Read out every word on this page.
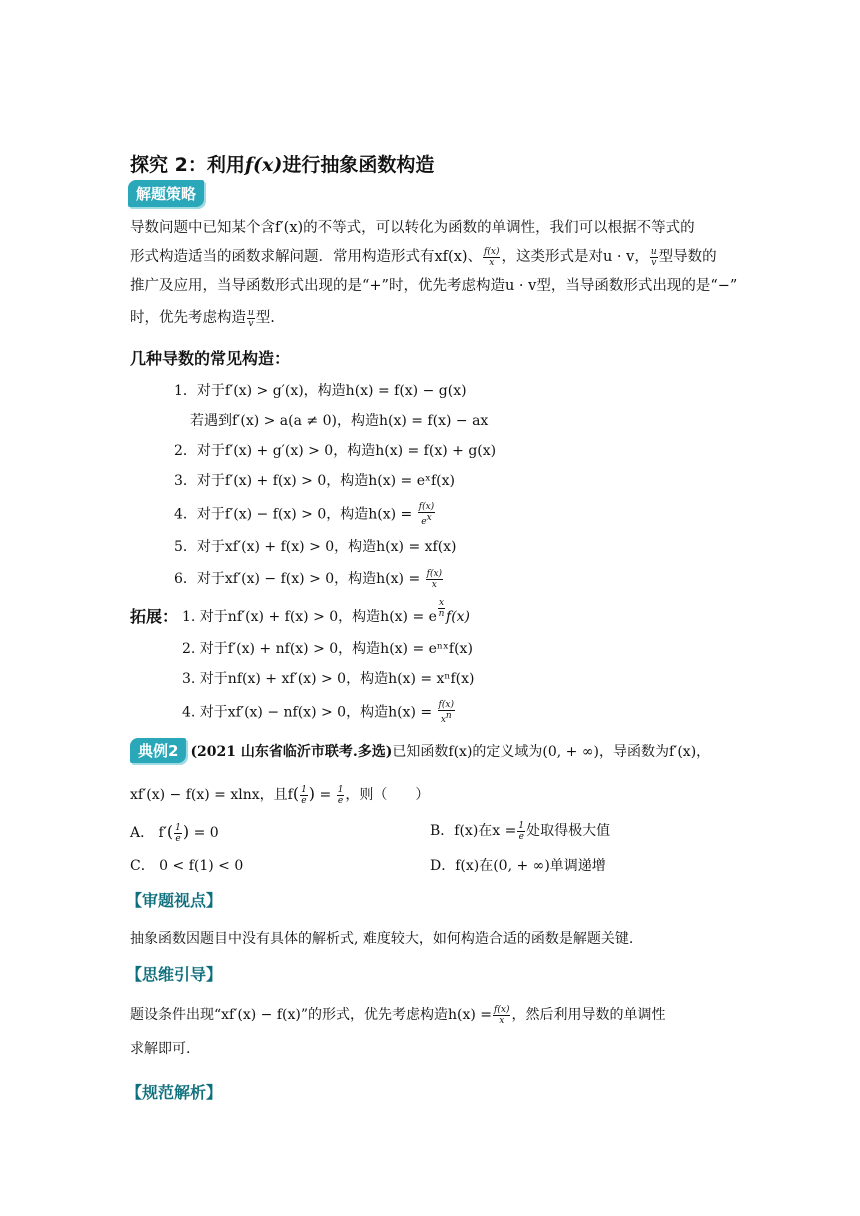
探究 2：利用f(x)进行抽象函数构造
解题策略
导数问题中已知某个含f′(x)的不等式，可以转化为函数的单调性，我们可以根据不等式的
形式构造适当的函数求解问题．常用构造形式有xf(x)、 $\frac{f(x)}{x}$ ，这类形式是对u · v， $\frac{u}{v}$ 型导数的
推广及应用，当导函数形式出现的是“+”时，优先考虑构造u · v型，当导函数形式出现的是“−”
时，优先考虑构造 $\frac{u}{v}$ 型.
几种导数的常见构造：
1．对于f′(x) > g′(x)，构造h(x) = f(x) − g(x)
若遇到f′(x) > a(a ≠ 0)，构造h(x) = f(x) − ax
2．对于f′(x) + g′(x) > 0，构造h(x) = f(x) + g(x)
3．对于f′(x) + f(x) > 0，构造h(x) = eˣf(x)
4．对于f′(x) − f(x) > 0，构造$h(x) = \frac{f(x)}{e^x}$
5．对于xf′(x) + f(x) > 0，构造h(x) = xf(x)
6．对于xf′(x) − f(x) > 0，构造$h(x) = \frac{f(x)}{x}$
拓展： 1. 对于nf′(x) + f(x) > 0，构造h(x) = e $\frac{x}{n} f(x)$
2. 对于f′(x) + nf(x) > 0，构造h(x) = eⁿˣf(x)
3. 对于nf(x) + xf′(x) > 0，构造h(x) = xⁿf(x)
4. 对于xf′(x) − nf(x) > 0，构造$h(x) = \frac{f(x)}{x^n}$
典例2 (2021 山东省临沂市联考.多选)已知函数f(x)的定义域为(0, + ∞)，导函数为f′(x)，
xf′(x) − f(x) = xlnx，且$f( \frac{1}{e}$ ) = $\frac{1}{e}$ ，则（　　）
A． $f'( \frac{1}{e}$ ) = 0	B．f(x)在$x = \frac{1}{e}$ 处取得极大值
C． 0 < f(1) < 0	D．f(x)在(0, + ∞)单调递增
【审题视点】
抽象函数因题目中没有具体的解析式, 难度较大，如何构造合适的函数是解题关键.
【思维引导】
题设条件出现“xf′(x) − f(x)”的形式，优先考虑构造$h(x) = \frac{f(x)}{x}$ ，然后利用导数的单调性
求解即可.
【规范解析】
